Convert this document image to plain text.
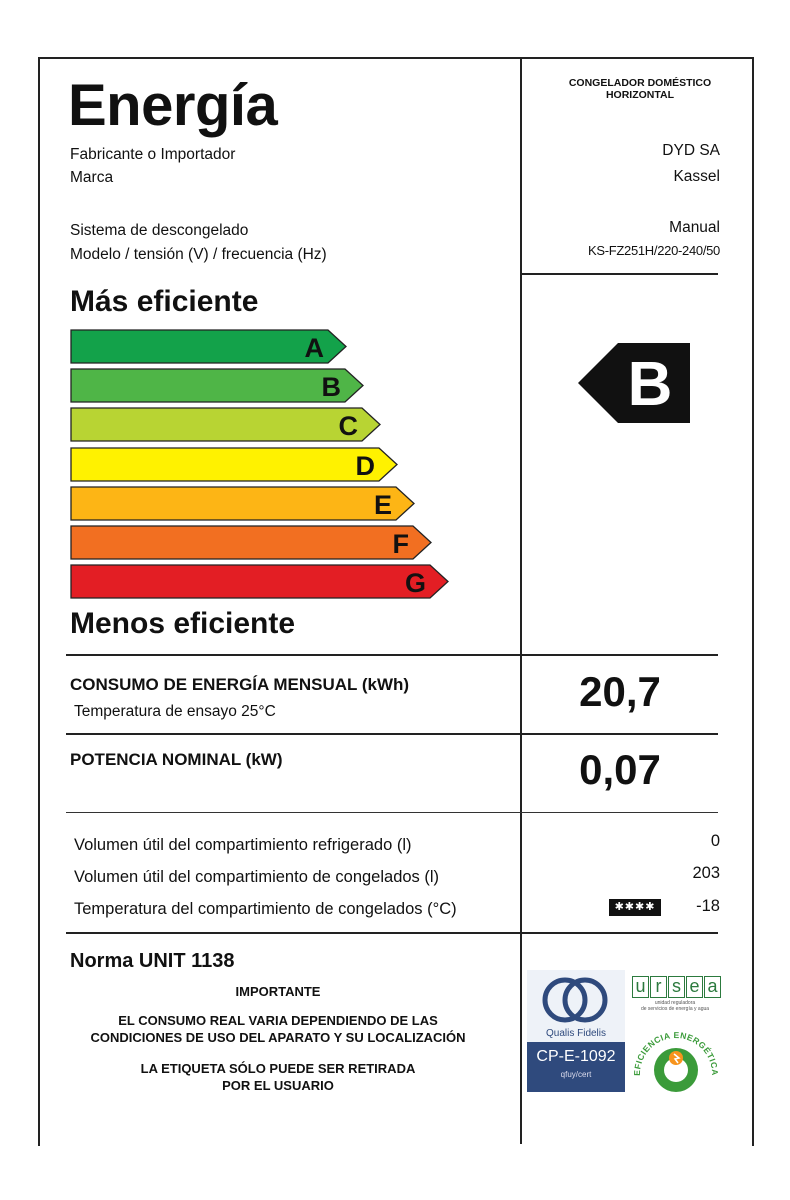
Energía	CONGELADOR DOMÉSTICO
HORIZONTAL
Fabricante o Importador	DYD SA
Marca	Kassel
Sistema de descongelado	Manual
Modelo / tensión (V) / frecuencia (Hz)	KS-FZ251H/220-240/50
Más eficiente
A
B
C
D
E
F
G
Menos eficiente
B
CONSUMO DE ENERGÍA MENSUAL (kWh)
Temperatura de ensayo 25°C	20,7
POTENCIA NOMINAL (kW)	0,07
Volumen útil del compartimiento refrigerado (l)	0
Volumen útil del compartimiento de congelados (l)	203
Temperatura del compartimiento de congelados (°C)	✱✱✱✱	-18
Norma UNIT 1138
IMPORTANTE
EL CONSUMO REAL VARIA DEPENDIENDO DE LAS
CONDICIONES DE USO DEL APARATO Y SU LOCALIZACIÓN
LA ETIQUETA SÓLO PUEDE SER RETIRADA
POR EL USUARIO
Qualis Fidelis
CP-E-1092
qfuy/cert
u r s e a
unidad reguladora
de servicios de energía y agua
EFICIENCIA ENERGÉTICA
